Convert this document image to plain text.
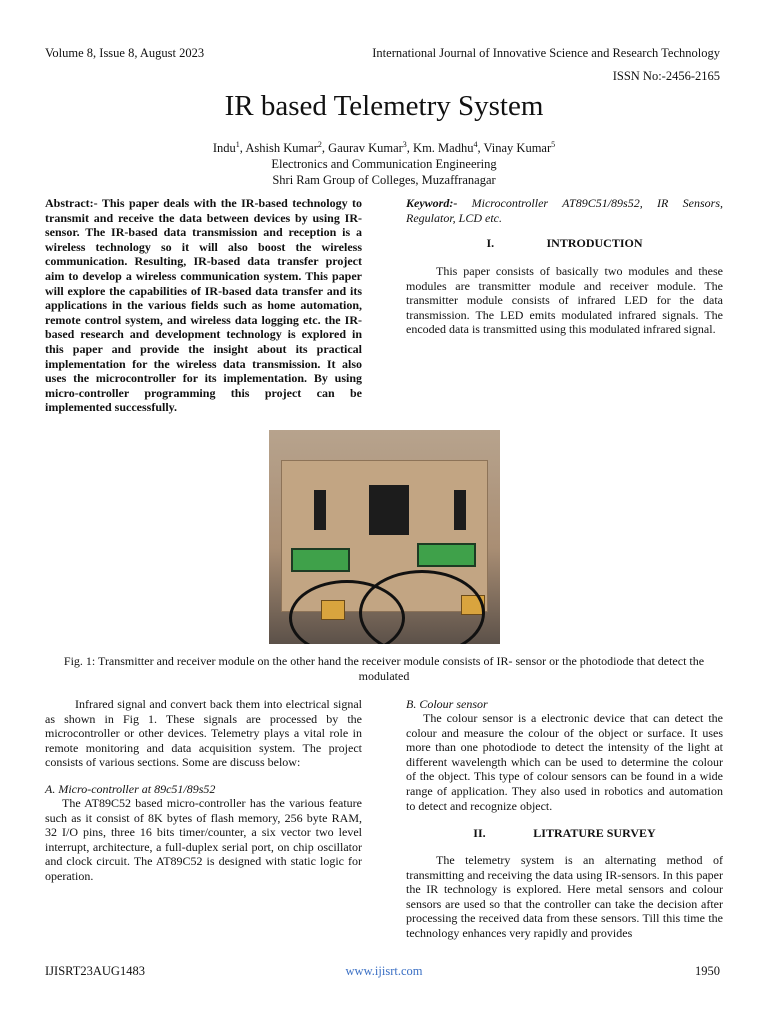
Volume 8, Issue 8, August 2023	International Journal of Innovative Science and Research Technology
ISSN No:-2456-2165
IR based Telemetry System
Indu$^1$, Ashish Kumar$^2$, Gaurav Kumar$^3$, Km. Madhu$^4$, Vinay Kumar$^5$
Electronics and Communication Engineering
Shri Ram Group of Colleges, Muzaffranagar
Abstract:- This paper deals with the IR-based technology to transmit and receive the data between devices by using IR-sensor. The IR-based data transmission and reception is a wireless technology so it will also boost the wireless communication. Resulting, IR-based data transfer project aim to develop a wireless communication system. This paper will explore the capabilities of IR-based data transfer and its applications in the various fields such as home automation, remote control system, and wireless data logging etc. the IR-based research and development technology is explored in this paper and provide the insight about its practical implementation for the wireless data transmission. It also uses the microcontroller for its implementation. By using micro-controller programming this project can be implemented successfully.
Keyword:- Microcontroller AT89C51/89s52, IR Sensors, Regulator, LCD etc.
I.	INTRODUCTION
This paper consists of basically two modules and these modules are transmitter module and receiver module. The transmitter module consists of infrared LED for the data transmission. The LED emits modulated infrared signals. The encoded data is transmitted using this modulated infrared signal.
Fig. 1: Transmitter and receiver module on the other hand the receiver module consists of IR- sensor or the photodiode that detect the modulated
Infrared signal and convert back them into electrical signal as shown in Fig 1. These signals are processed by the microcontroller or other devices. Telemetry plays a vital role in remote monitoring and data acquisition system. The project consists of various sections. Some are discuss below:
A. Micro-controller at 89c51/89s52
The AT89C52 based micro-controller has the various feature such as it consist of 8K bytes of flash memory, 256 byte RAM, 32 I/O pins, three 16 bits timer/counter, a six vector two level interrupt, architecture, a full-duplex serial port, on chip oscillator and clock circuit. The AT89C52 is designed with static logic for operation.
B. Colour sensor
The colour sensor is a electronic device that can detect the colour and measure the colour of the object or surface. It uses more than one photodiode to detect the intensity of the light at different wavelength which can be used to determine the colour of the object. This type of colour sensors can be found in a wide range of application. They also used in robotics and automation to detect and recognize object.
II.	LITRATURE SURVEY
The telemetry system is an alternating method of transmitting and receiving the data using IR-sensors. In this paper the IR technology is explored. Here metal sensors and colour sensors are used so that the controller can take the decision after processing the received data from these sensors. Till this time the technology enhances very rapidly and provides
IJISRT23AUG1483	www.ijisrt.com	1950
